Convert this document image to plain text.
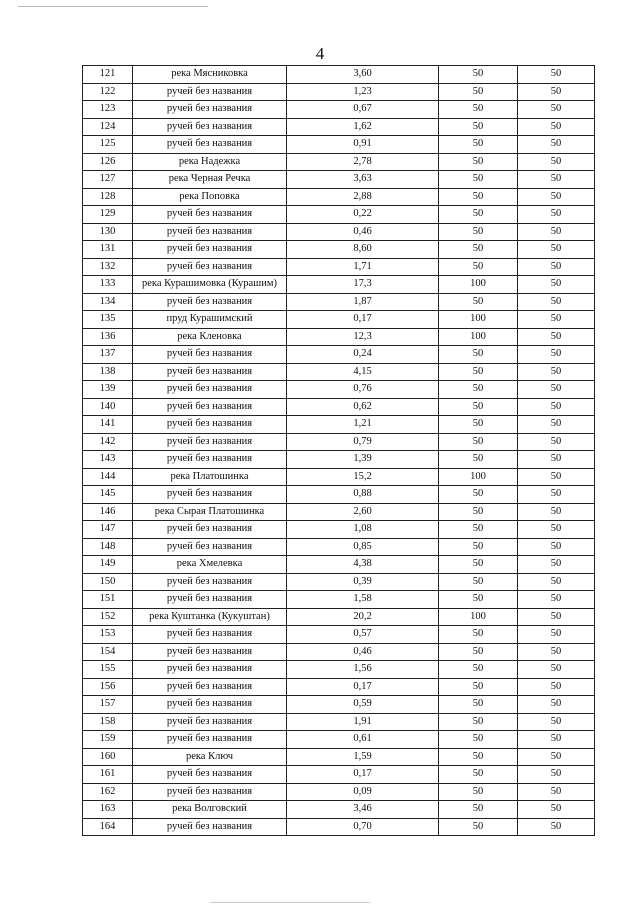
4
121	река Мясниковка	3,60	50	50
122	ручей без названия	1,23	50	50
123	ручей без названия	0,67	50	50
124	ручей без названия	1,62	50	50
125	ручей без названия	0,91	50	50
126	река Надежка	2,78	50	50
127	река Черная Речка	3,63	50	50
128	река Поповка	2,88	50	50
129	ручей без названия	0,22	50	50
130	ручей без названия	0,46	50	50
131	ручей без названия	8,60	50	50
132	ручей без названия	1,71	50	50
133	река Курашимовка (Курашим)	17,3	100	50
134	ручей без названия	1,87	50	50
135	пруд Курашимский	0,17	100	50
136	река Кленовка	12,3	100	50
137	ручей без названия	0,24	50	50
138	ручей без названия	4,15	50	50
139	ручей без названия	0,76	50	50
140	ручей без названия	0,62	50	50
141	ручей без названия	1,21	50	50
142	ручей без названия	0,79	50	50
143	ручей без названия	1,39	50	50
144	река Платошинка	15,2	100	50
145	ручей без названия	0,88	50	50
146	река Сырая Платошинка	2,60	50	50
147	ручей без названия	1,08	50	50
148	ручей без названия	0,85	50	50
149	река Хмелевка	4,38	50	50
150	ручей без названия	0,39	50	50
151	ручей без названия	1,58	50	50
152	река Куштанка (Кукуштан)	20,2	100	50
153	ручей без названия	0,57	50	50
154	ручей без названия	0,46	50	50
155	ручей без названия	1,56	50	50
156	ручей без названия	0,17	50	50
157	ручей без названия	0,59	50	50
158	ручей без названия	1,91	50	50
159	ручей без названия	0,61	50	50
160	река Ключ	1,59	50	50
161	ручей без названия	0,17	50	50
162	ручей без названия	0,09	50	50
163	река Волговский	3,46	50	50
164	ручей без названия	0,70	50	50
